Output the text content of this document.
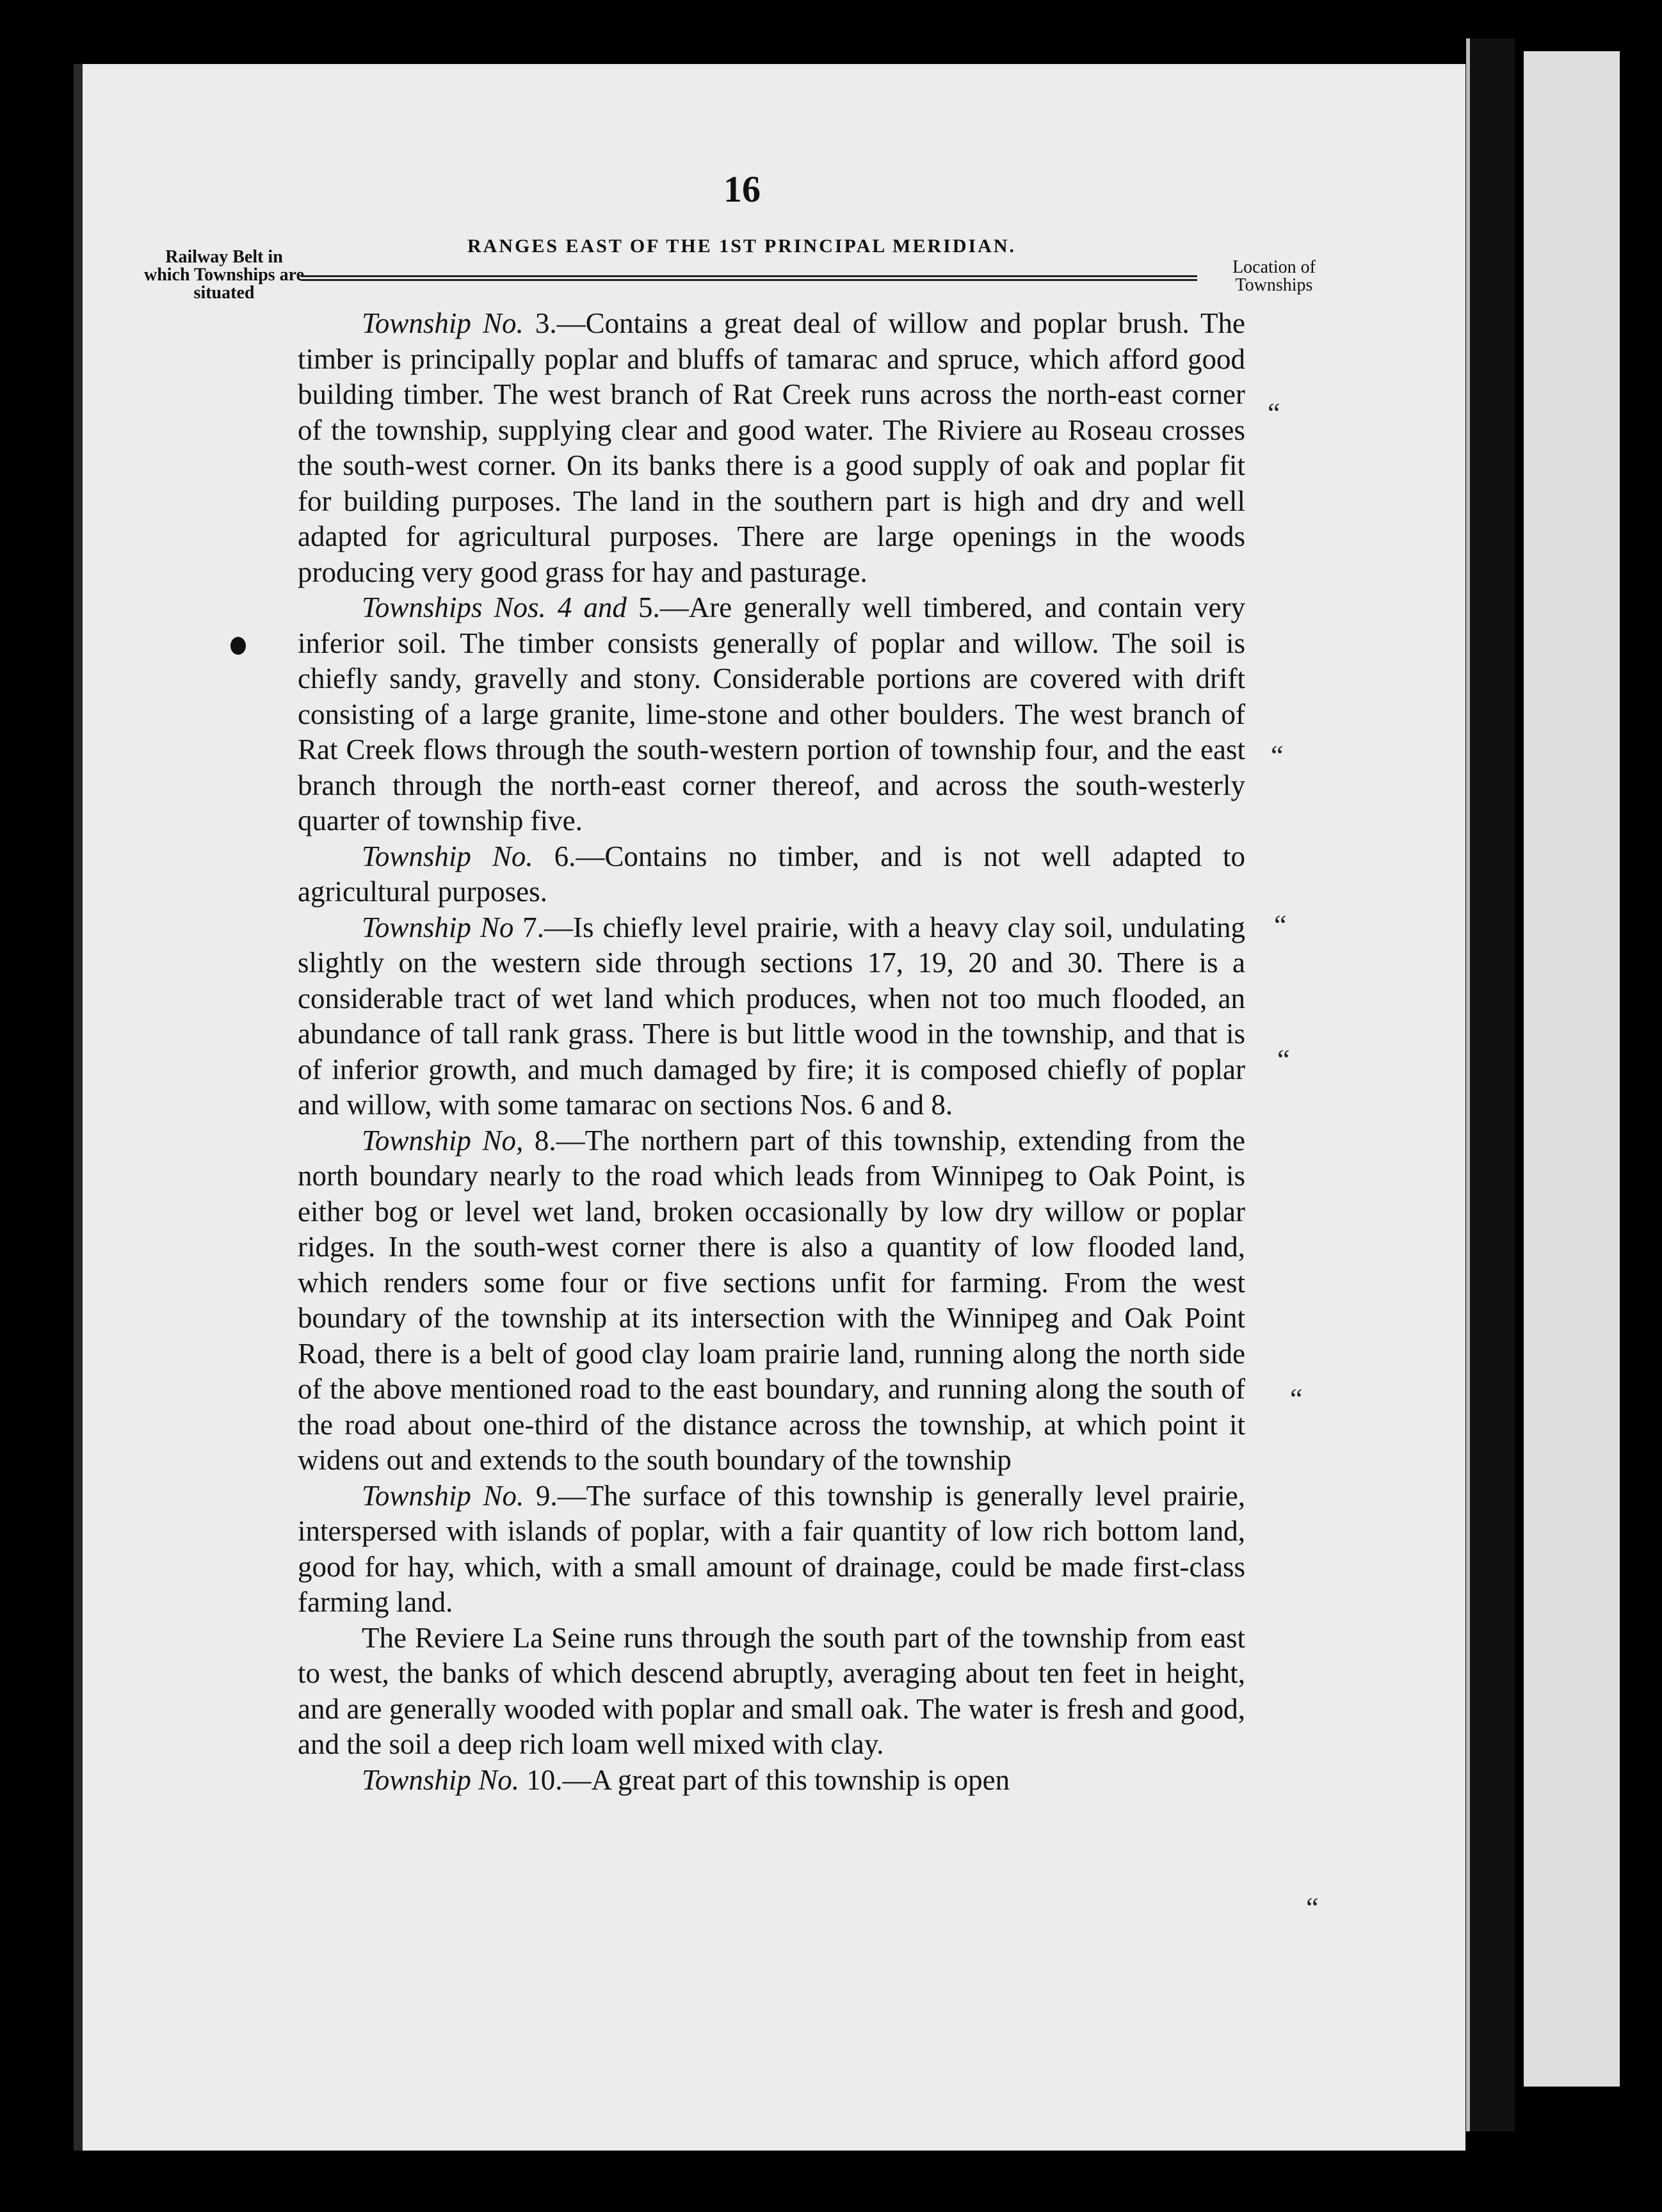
16
RANGES EAST OF THE 1ST PRINCIPAL MERIDIAN.
Railway Belt in which Townships are situated
Location of Townships

Township No. 3.—Contains a great deal of willow and poplar brush. The timber is principally poplar and bluffs of tamarac and spruce, which afford good building timber. The west branch of Rat Creek runs across the north-east corner of the township, supplying clear and good water. The Riviere au Roseau crosses the south-west corner. On its banks there is a good supply of oak and poplar fit for building purposes. The land in the southern part is high and dry and well adapted for agricultural purposes. There are large openings in the woods producing very good grass for hay and pasturage.

Townships Nos. 4 and 5.—Are generally well timbered, and contain very inferior soil. The timber consists generally of poplar and willow. The soil is chiefly sandy, gravelly and stony. Considerable portions are covered with drift consisting of a large granite, lime-stone and other boulders. The west branch of Rat Creek flows through the south-western portion of township four, and the east branch through the north-east corner thereof, and across the south-westerly quarter of township five.

Township No. 6.—Contains no timber, and is not well adapted to agricultural purposes.

Township No 7.—Is chiefly level prairie, with a heavy clay soil, undulating slightly on the western side through sections 17, 19, 20 and 30. There is a considerable tract of wet land which produces, when not too much flooded, an abundance of tall rank grass. There is but little wood in the township, and that is of inferior growth, and much damaged by fire; it is composed chiefly of poplar and willow, with some tamarac on sections Nos. 6 and 8.

Township No, 8.—The northern part of this township, extending from the north boundary nearly to the road which leads from Winnipeg to Oak Point, is either bog or level wet land, broken occasionally by low dry willow or poplar ridges. In the south-west corner there is also a quantity of low flooded land, which renders some four or five sections unfit for farming. From the west boundary of the township at its intersection with the Winnipeg and Oak Point Road, there is a belt of good clay loam prairie land, running along the north side of the above mentioned road to the east boundary, and running along the south of the road about one-third of the distance across the township, at which point it widens out and extends to the south boundary of the township

Township No. 9.—The surface of this township is generally level prairie, interspersed with islands of poplar, with a fair quantity of low rich bottom land, good for hay, which, with a small amount of drainage, could be made first-class farming land.

The Reviere La Seine runs through the south part of the township from east to west, the banks of which descend abruptly, averaging about ten feet in height, and are generally wooded with poplar and small oak. The water is fresh and good, and the soil a deep rich loam well mixed with clay.

Township No. 10.—A great part of this township is open

“
“
“
“
“
“
